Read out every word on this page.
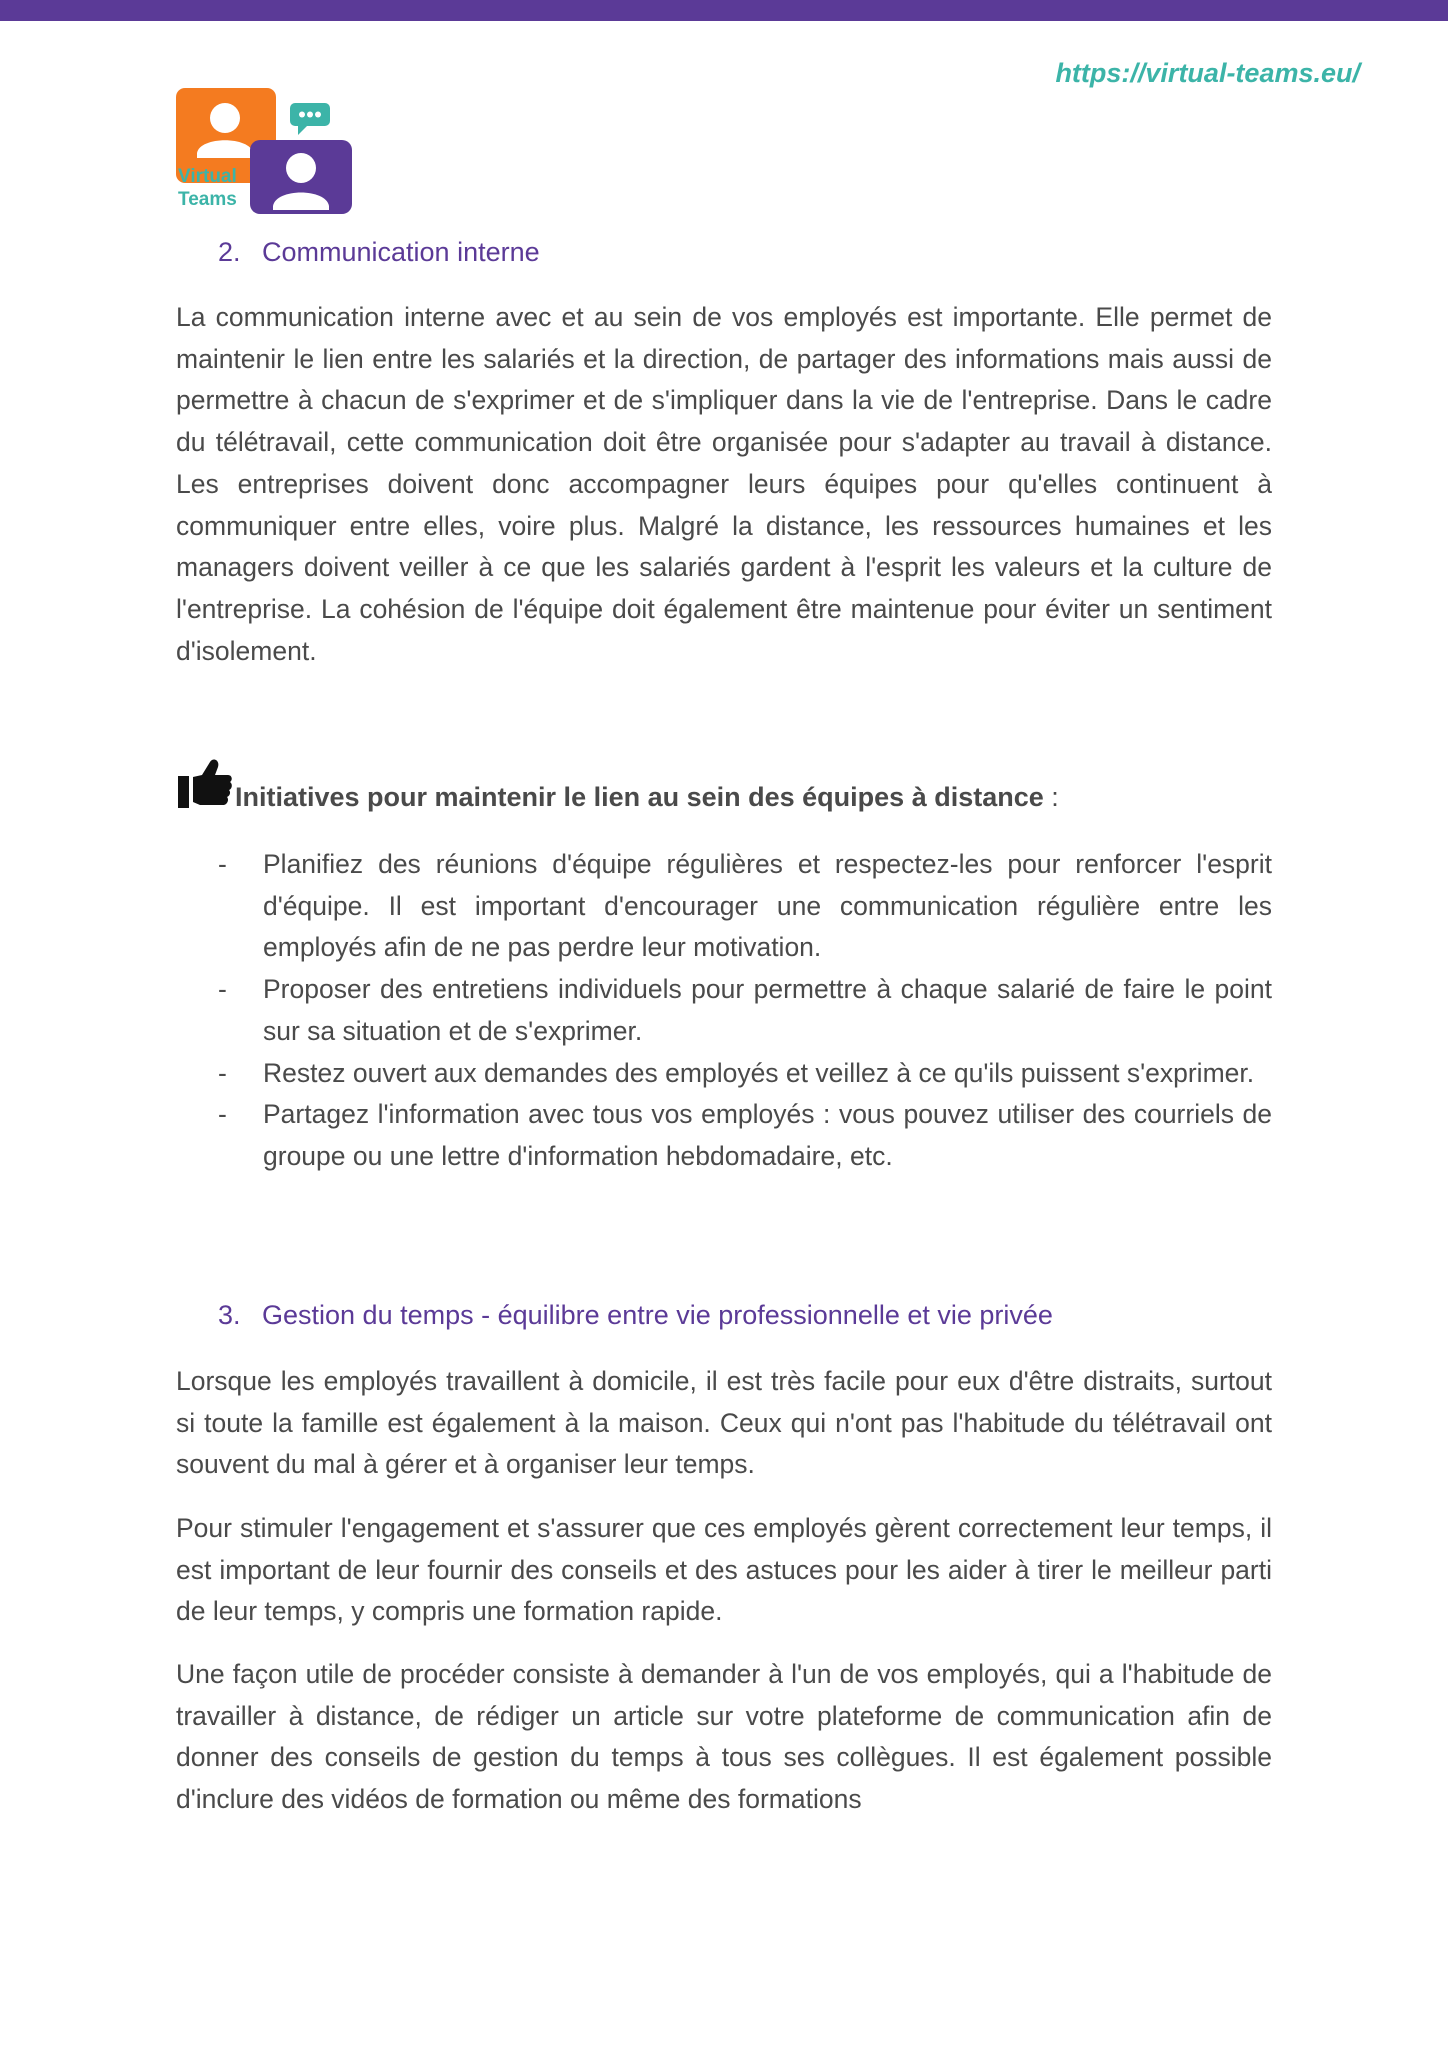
https://virtual-teams.eu/
Virtual
Teams
2. Communication interne

La communication interne avec et au sein de vos employés est importante. Elle permet de maintenir le lien entre les salariés et la direction, de partager des informations mais aussi de permettre à chacun de s'exprimer et de s'impliquer dans la vie de l'entreprise. Dans le cadre du télétravail, cette communication doit être organisée pour s'adapter au travail à distance. Les entreprises doivent donc accompagner leurs équipes pour qu'elles continuent à communiquer entre elles, voire plus. Malgré la distance, les ressources humaines et les managers doivent veiller à ce que les salariés gardent à l'esprit les valeurs et la culture de l'entreprise. La cohésion de l'équipe doit également être maintenue pour éviter un sentiment d'isolement.

Initiatives pour maintenir le lien au sein des équipes à distance :
- Planifiez des réunions d'équipe régulières et respectez-les pour renforcer l'esprit d'équipe. Il est important d'encourager une communication régulière entre les employés afin de ne pas perdre leur motivation.
- Proposer des entretiens individuels pour permettre à chaque salarié de faire le point sur sa situation et de s'exprimer.
- Restez ouvert aux demandes des employés et veillez à ce qu'ils puissent s'exprimer.
- Partagez l'information avec tous vos employés : vous pouvez utiliser des courriels de groupe ou une lettre d'information hebdomadaire, etc.
3. Gestion du temps - équilibre entre vie professionnelle et vie privée

Lorsque les employés travaillent à domicile, il est très facile pour eux d'être distraits, surtout si toute la famille est également à la maison. Ceux qui n'ont pas l'habitude du télétravail ont souvent du mal à gérer et à organiser leur temps.

Pour stimuler l'engagement et s'assurer que ces employés gèrent correctement leur temps, il est important de leur fournir des conseils et des astuces pour les aider à tirer le meilleur parti de leur temps, y compris une formation rapide.

Une façon utile de procéder consiste à demander à l'un de vos employés, qui a l'habitude de travailler à distance, de rédiger un article sur votre plateforme de communication afin de donner des conseils de gestion du temps à tous ses collègues. Il est également possible d'inclure des vidéos de formation ou même des formations
